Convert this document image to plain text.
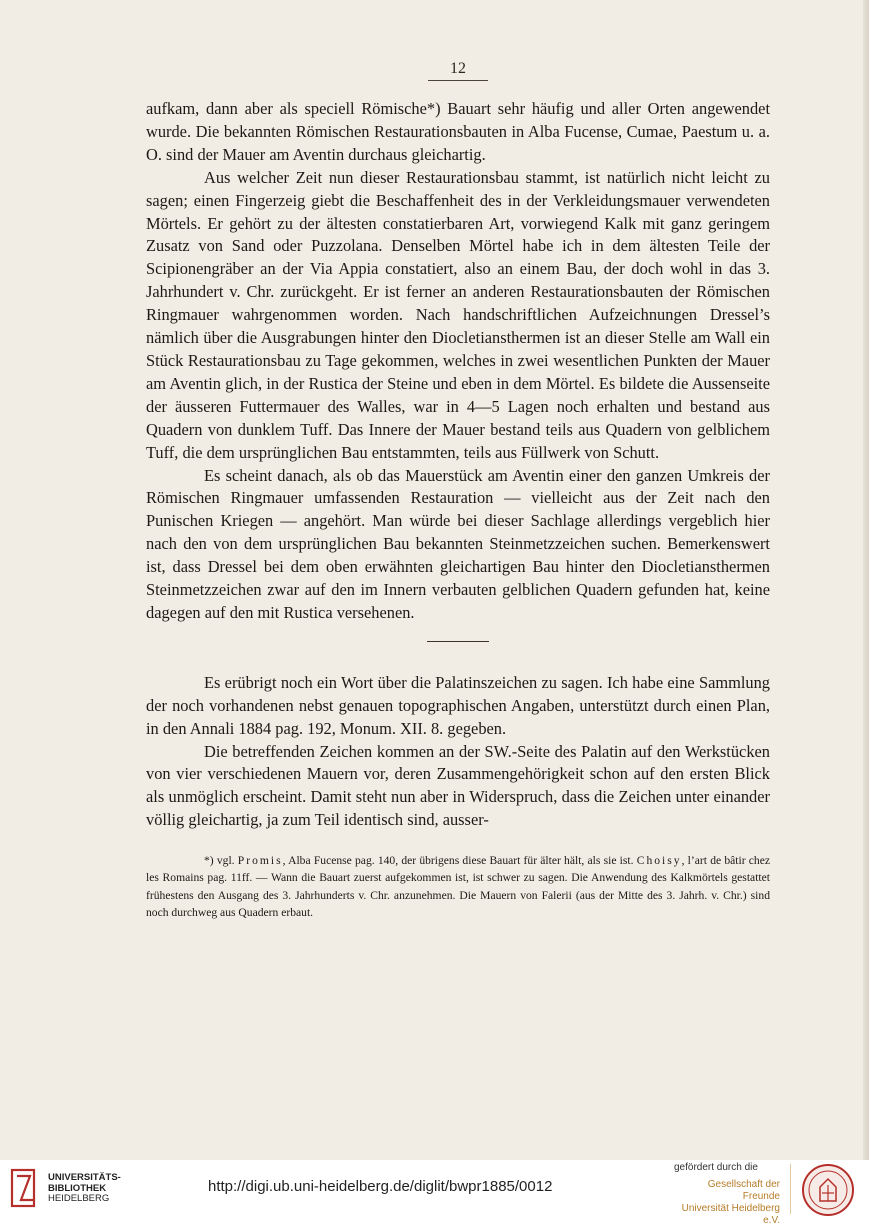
12

aufkam, dann aber als speciell Römische*) Bauart sehr häufig und aller Orten angewendet wurde. Die bekannten Römischen Restaurationsbauten in Alba Fucense, Cumae, Paestum u. a. O. sind der Mauer am Aventin durchaus gleichartig.

Aus welcher Zeit nun dieser Restaurationsbau stammt, ist natürlich nicht leicht zu sagen; einen Fingerzeig giebt die Beschaffenheit des in der Verkleidungsmauer verwendeten Mörtels. Er gehört zu der ältesten constatierbaren Art, vorwiegend Kalk mit ganz geringem Zusatz von Sand oder Puzzolana. Denselben Mörtel habe ich in dem ältesten Teile der Scipionengräber an der Via Appia constatiert, also an einem Bau, der doch wohl in das 3. Jahrhundert v. Chr. zurückgeht. Er ist ferner an anderen Restaurationsbauten der Römischen Ringmauer wahrgenommen worden. Nach handschriftlichen Aufzeichnungen Dressel’s nämlich über die Ausgrabungen hinter den Diocletiansthermen ist an dieser Stelle am Wall ein Stück Restaurationsbau zu Tage gekommen, welches in zwei wesentlichen Punkten der Mauer am Aventin glich, in der Rustica der Steine und eben in dem Mörtel. Es bildete die Aussenseite der äusseren Futtermauer des Walles, war in 4—5 Lagen noch erhalten und bestand aus Quadern von dunklem Tuff. Das Innere der Mauer bestand teils aus Quadern von gelblichem Tuff, die dem ursprünglichen Bau entstammten, teils aus Füllwerk von Schutt.

Es scheint danach, als ob das Mauerstück am Aventin einer den ganzen Umkreis der Römischen Ringmauer umfassenden Restauration — vielleicht aus der Zeit nach den Punischen Kriegen — angehört. Man würde bei dieser Sachlage allerdings vergeblich hier nach den von dem ursprünglichen Bau bekannten Steinmetzzeichen suchen. Bemerkenswert ist, dass Dressel bei dem oben erwähnten gleichartigen Bau hinter den Diocletiansthermen Steinmetzzeichen zwar auf den im Innern verbauten gelblichen Quadern gefunden hat, keine dagegen auf den mit Rustica versehenen.

Es erübrigt noch ein Wort über die Palatinszeichen zu sagen. Ich habe eine Sammlung der noch vorhandenen nebst genauen topographischen Angaben, unterstützt durch einen Plan, in den Annali 1884 pag. 192, Monum. XII. 8. gegeben.

Die betreffenden Zeichen kommen an der SW.-Seite des Palatin auf den Werkstücken von vier verschiedenen Mauern vor, deren Zusammengehörigkeit schon auf den ersten Blick als unmöglich erscheint. Damit steht nun aber in Widerspruch, dass die Zeichen unter einander völlig gleichartig, ja zum Teil identisch sind, ausser-

*) vgl. Promis, Alba Fucense pag. 140, der übrigens diese Bauart für älter hält, als sie ist. Choisy, l’art de bâtir chez les Romains pag. 11ff. — Wann die Bauart zuerst aufgekommen ist, ist schwer zu sagen. Die Anwendung des Kalkmörtels gestattet frühestens den Ausgang des 3. Jahrhunderts v. Chr. anzunehmen. Die Mauern von Falerii (aus der Mitte des 3. Jahrh. v. Chr.) sind noch durchweg aus Quadern erbaut.

UNIVERSITÄTS-
BIBLIOTHEK
HEIDELBERG
http://digi.ub.uni-heidelberg.de/diglit/bwpr1885/0012
gefördert durch die
Gesellschaft der Freunde
Universität Heidelberg e.V.
